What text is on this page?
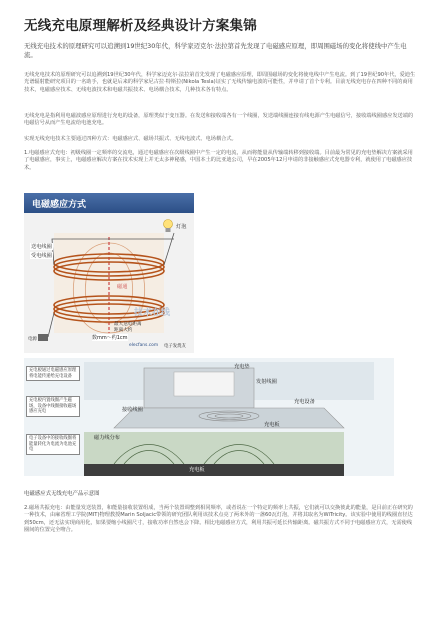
无线充电原理解析及经典设计方案集锦
无线充电技术的原理研究可以追溯到19世纪30年代，科学家迈克尔·法拉第首先发现了电磁感应原理，即周围磁场的变化将使线中产生电流。
无线充电技术的原理研究可以追溯到19世纪30年代，科学家迈克尔·法拉第首先发现了电磁感应原理，即周围磁场的变化将使电线中产生电流。到了19世纪90年代，爱迪生光谱辐射能研究项目的一名助手，也就是后来的科学家尼古拉·特斯拉(Nikola Tesla)证实了无线传输电波的可能性，并申请了首个专利。目前无线充电存在四种不同的商用技术，电磁感应技术、无线电波技术和电磁共振技术、电场耦合技术，几种技术各有特点。
无线充电是指利用电磁波感应原理进行充电的设备，原理类似于变压器。在发送和接收端各有一个线圈，发送端线圈连接有线电源产生电磁信号，接收端线圈感应发送端的电磁信号从而产生电流给电池充电。
实现无线充电技术主要通过四种方式：电磁感应式、磁场共振式、无线电波式、电场耦合式。
1.电磁感应式充电：初级线圈一定频率的交流电，通过电磁感应在次级线圈中产生一定的电流，从而将能量从传输端转移到接收端。目前最为常见的充电垫解决方案就采用了电磁感应，事实上，电磁感应解决方案在技术实现上并无太多神秘感，中国本土的比亚迪公司，早在2005年12月申请的非接触感应式充电器专利，就使用了电磁感应技术。
电磁感应方式
灯泡
送电线圈
受电线圈
磁通
最大送电距离
距离大约
数mm～约1cm
电源
elecfans.com 电子发烧友
技术在线
充电垫
发射线圈
接收线圈
充电设备
充电板
磁力线分布
充电板
充电板通过电磁感应原理将电能传递给充电设备
充电板内置线圈产生磁场，设备中线圈接收磁场感应充电
电子设备中的接收线圈将能量转化为电流为电池充电
电磁感应式无线充电产品示意图
2.磁场共振充电：由能量发送装置，和能量接收装置组成，当两个装置调整到相同频率，或者说在一个特定的频率上共振，它们就可以交换彼此的能量，是目前正在研究的一种技术，由麻省理工学院(MIT)物理教授Marin Soljacic带领的研究团队利用该技术点亮了两米外的一盏60瓦灯泡，并将其取名为WiTricity。该实验中使用的线圈直径达到50cm，还无法实现商用化，如果要缩小线圈尺寸，接收功率自然也会下降。相比电磁感应方式，利用共振可延长传输距离。磁共振方式不同于电磁感应方式，无需使线圈间的位置完全吻合。
